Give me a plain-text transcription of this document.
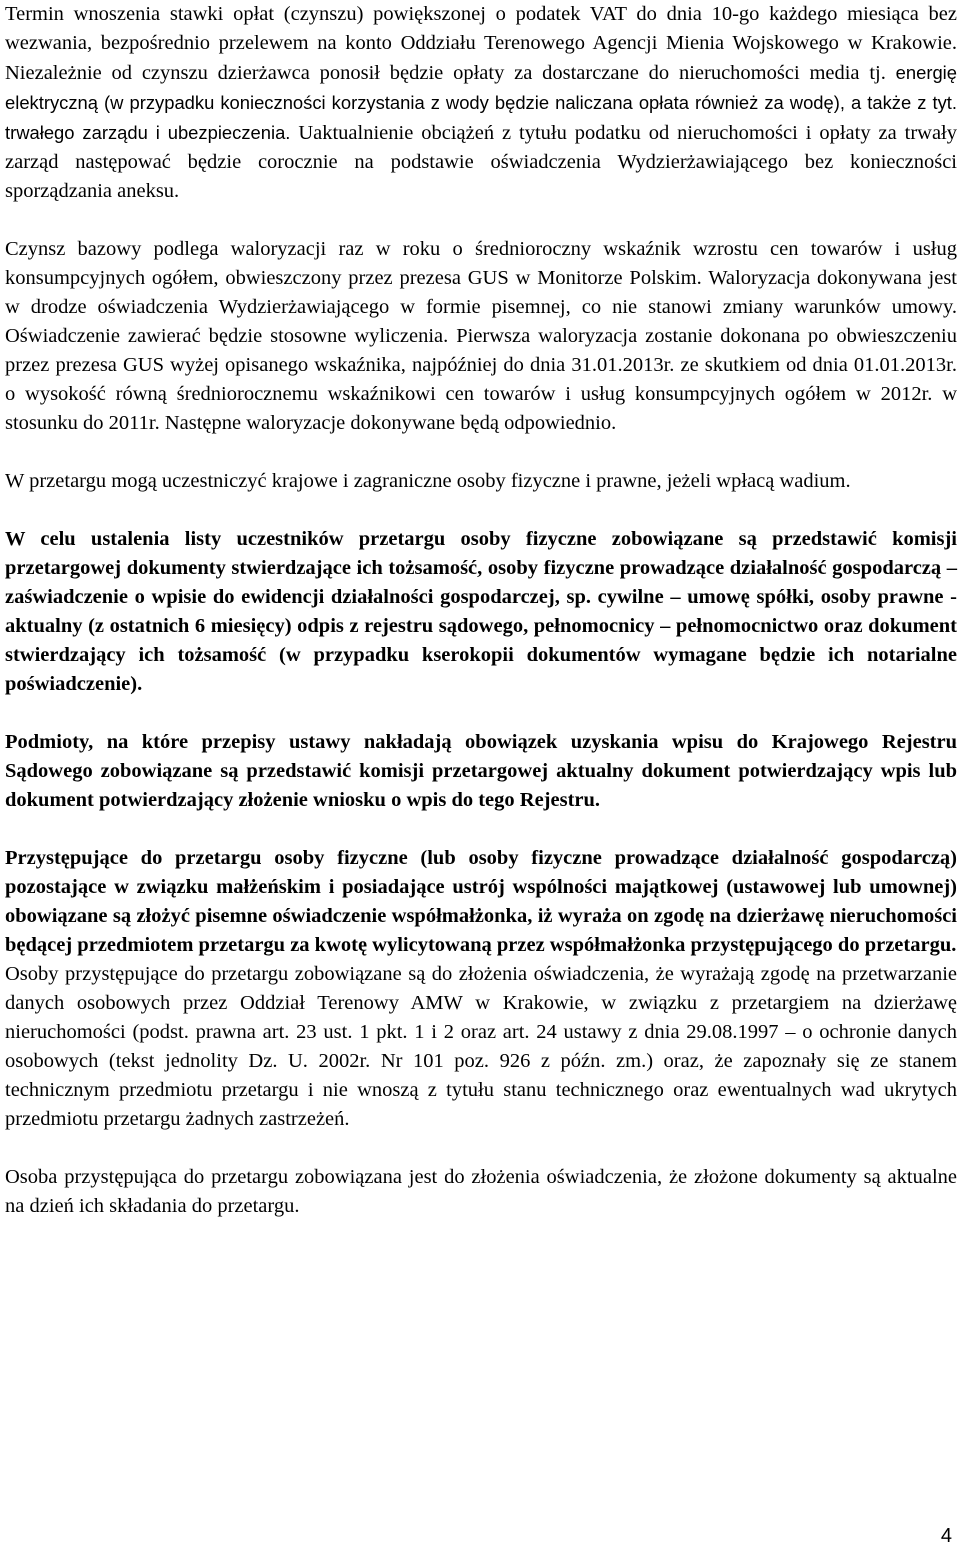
Termin wnoszenia stawki opłat (czynszu) powiększonej o podatek VAT do dnia 10-go każdego miesiąca bez wezwania, bezpośrednio przelewem na konto Oddziału Terenowego Agencji Mienia Wojskowego w Krakowie. Niezależnie od czynszu dzierżawca ponosił będzie opłaty za dostarczane do nieruchomości media tj. energię elektryczną (w przypadku konieczności korzystania z wody będzie naliczana opłata również za wodę), a także z tyt. trwałego zarządu i ubezpieczenia. Uaktualnienie obciążeń z tytułu podatku od nieruchomości i opłaty za trwały zarząd następować będzie corocznie na podstawie oświadczenia Wydzierżawiającego bez konieczności sporządzania aneksu.

Czynsz bazowy podlega waloryzacji raz w roku o średnioroczny wskaźnik wzrostu cen towarów i usług konsumpcyjnych ogółem, obwieszczony przez prezesa GUS w Monitorze Polskim. Waloryzacja dokonywana jest w drodze oświadczenia Wydzierżawiającego w formie pisemnej, co nie stanowi zmiany warunków umowy. Oświadczenie zawierać będzie stosowne wyliczenia. Pierwsza waloryzacja zostanie dokonana po obwieszczeniu przez prezesa GUS wyżej opisanego wskaźnika, najpóźniej do dnia 31.01.2013r. ze skutkiem od dnia 01.01.2013r. o wysokość równą średniorocznemu wskaźnikowi cen towarów i usług konsumpcyjnych ogółem w 2012r. w stosunku do 2011r. Następne waloryzacje dokonywane będą odpowiednio.

W przetargu mogą uczestniczyć krajowe i zagraniczne osoby fizyczne i prawne, jeżeli wpłacą wadium.

W celu ustalenia listy uczestników przetargu osoby fizyczne zobowiązane są przedstawić komisji przetargowej dokumenty stwierdzające ich tożsamość, osoby fizyczne prowadzące działalność gospodarczą – zaświadczenie o wpisie do ewidencji działalności gospodarczej, sp. cywilne – umowę spółki, osoby prawne - aktualny (z ostatnich 6 miesięcy) odpis z rejestru sądowego, pełnomocnicy – pełnomocnictwo oraz dokument stwierdzający ich tożsamość (w przypadku kserokopii dokumentów wymagane będzie ich notarialne poświadczenie).

Podmioty, na które przepisy ustawy nakładają obowiązek uzyskania wpisu do Krajowego Rejestru Sądowego zobowiązane są przedstawić komisji przetargowej aktualny dokument potwierdzający wpis lub dokument potwierdzający złożenie wniosku o wpis do tego Rejestru.

Przystępujące do przetargu osoby fizyczne (lub osoby fizyczne prowadzące działalność gospodarczą) pozostające w związku małżeńskim i posiadające ustrój wspólności majątkowej (ustawowej lub umownej) obowiązane są złożyć pisemne oświadczenie współmałżonka, iż wyraża on zgodę na dzierżawę nieruchomości będącej przedmiotem przetargu za kwotę wylicytowaną przez współmałżonka przystępującego do przetargu.

Osoby przystępujące do przetargu zobowiązane są do złożenia oświadczenia, że wyrażają zgodę na przetwarzanie danych osobowych przez Oddział Terenowy AMW w Krakowie, w związku z przetargiem na dzierżawę nieruchomości (podst. prawna art. 23 ust. 1 pkt. 1 i 2 oraz art. 24 ustawy z dnia 29.08.1997 – o ochronie danych osobowych (tekst jednolity Dz. U. 2002r. Nr 101 poz. 926 z późn. zm.) oraz, że zapoznały się ze stanem technicznym przedmiotu przetargu i nie wnoszą z tytułu stanu technicznego oraz ewentualnych wad ukrytych przedmiotu przetargu żadnych zastrzeżeń.

Osoba przystępująca do przetargu zobowiązana jest do złożenia oświadczenia, że złożone dokumenty są aktualne na dzień ich składania do przetargu.

4
